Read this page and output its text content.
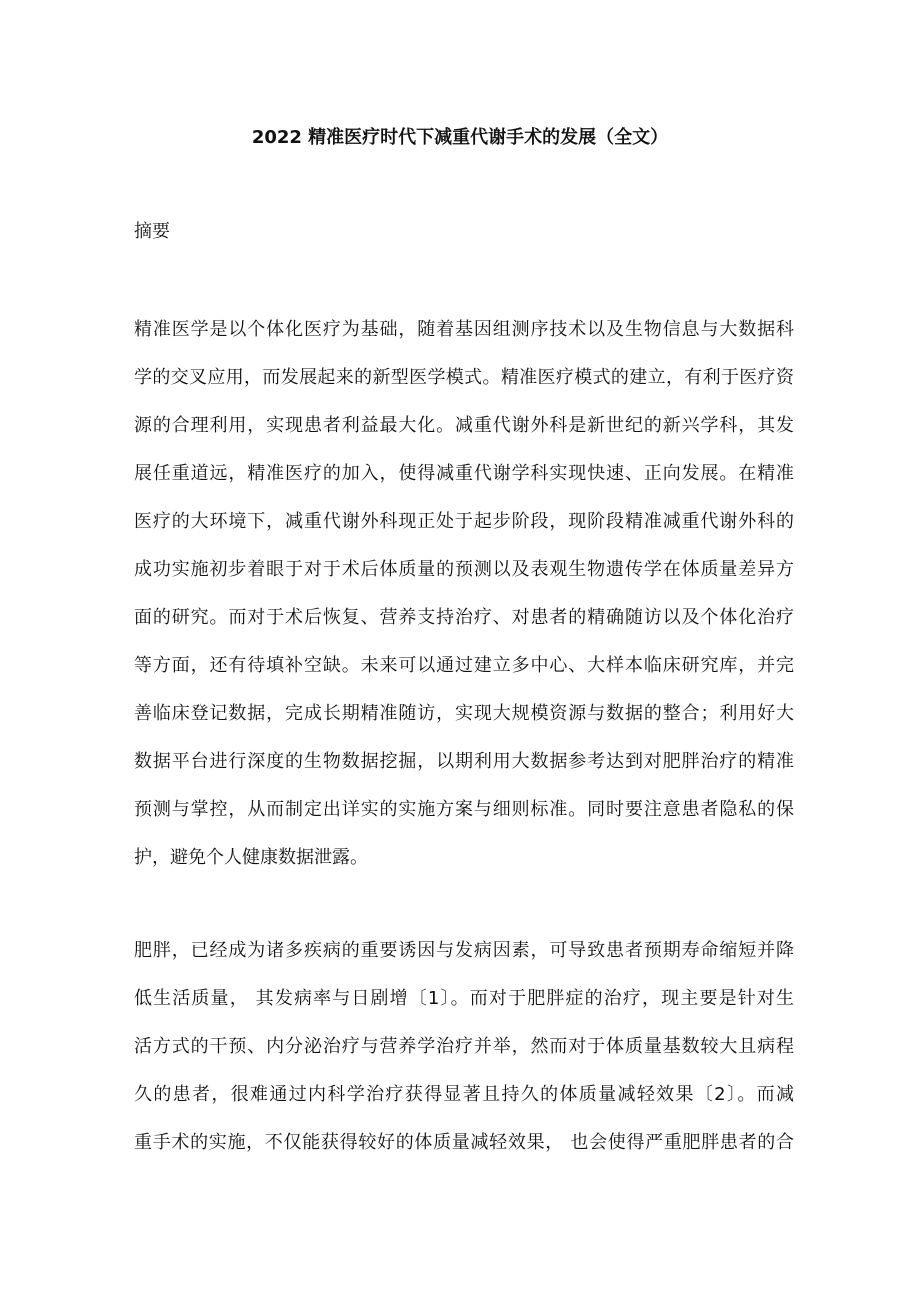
2022 精准医疗时代下减重代谢手术的发展（全文）
摘要
精准医学是以个体化医疗为基础，随着基因组测序技术以及生物信息与大数据科
学的交叉应用，而发展起来的新型医学模式。精准医疗模式的建立，有利于医疗资
源的合理利用，实现患者利益最大化。减重代谢外科是新世纪的新兴学科，其发
展任重道远，精准医疗的加入，使得减重代谢学科实现快速、正向发展。在精准
医疗的大环境下，减重代谢外科现正处于起步阶段，现阶段精准减重代谢外科的
成功实施初步着眼于对于术后体质量的预测以及表观生物遗传学在体质量差异方
面的研究。而对于术后恢复、营养支持治疗、对患者的精确随访以及个体化治疗
等方面，还有待填补空缺。未来可以通过建立多中心、大样本临床研究库，并完
善临床登记数据，完成长期精准随访，实现大规模资源与数据的整合；利用好大
数据平台进行深度的生物数据挖掘，以期利用大数据参考达到对肥胖治疗的精准
预测与掌控，从而制定出详实的实施方案与细则标准。同时要注意患者隐私的保
护，避免个人健康数据泄露。
肥胖，已经成为诸多疾病的重要诱因与发病因素，可导致患者预期寿命缩短并降
低生活质量， 其发病率与日剧增〔1〕。而对于肥胖症的治疗，现主要是针对生
活方式的干预、内分泌治疗与营养学治疗并举，然而对于体质量基数较大且病程
久的患者，很难通过内科学治疗获得显著且持久的体质量减轻效果〔2〕。而减
重手术的实施，不仅能获得较好的体质量减轻效果， 也会使得严重肥胖患者的合
